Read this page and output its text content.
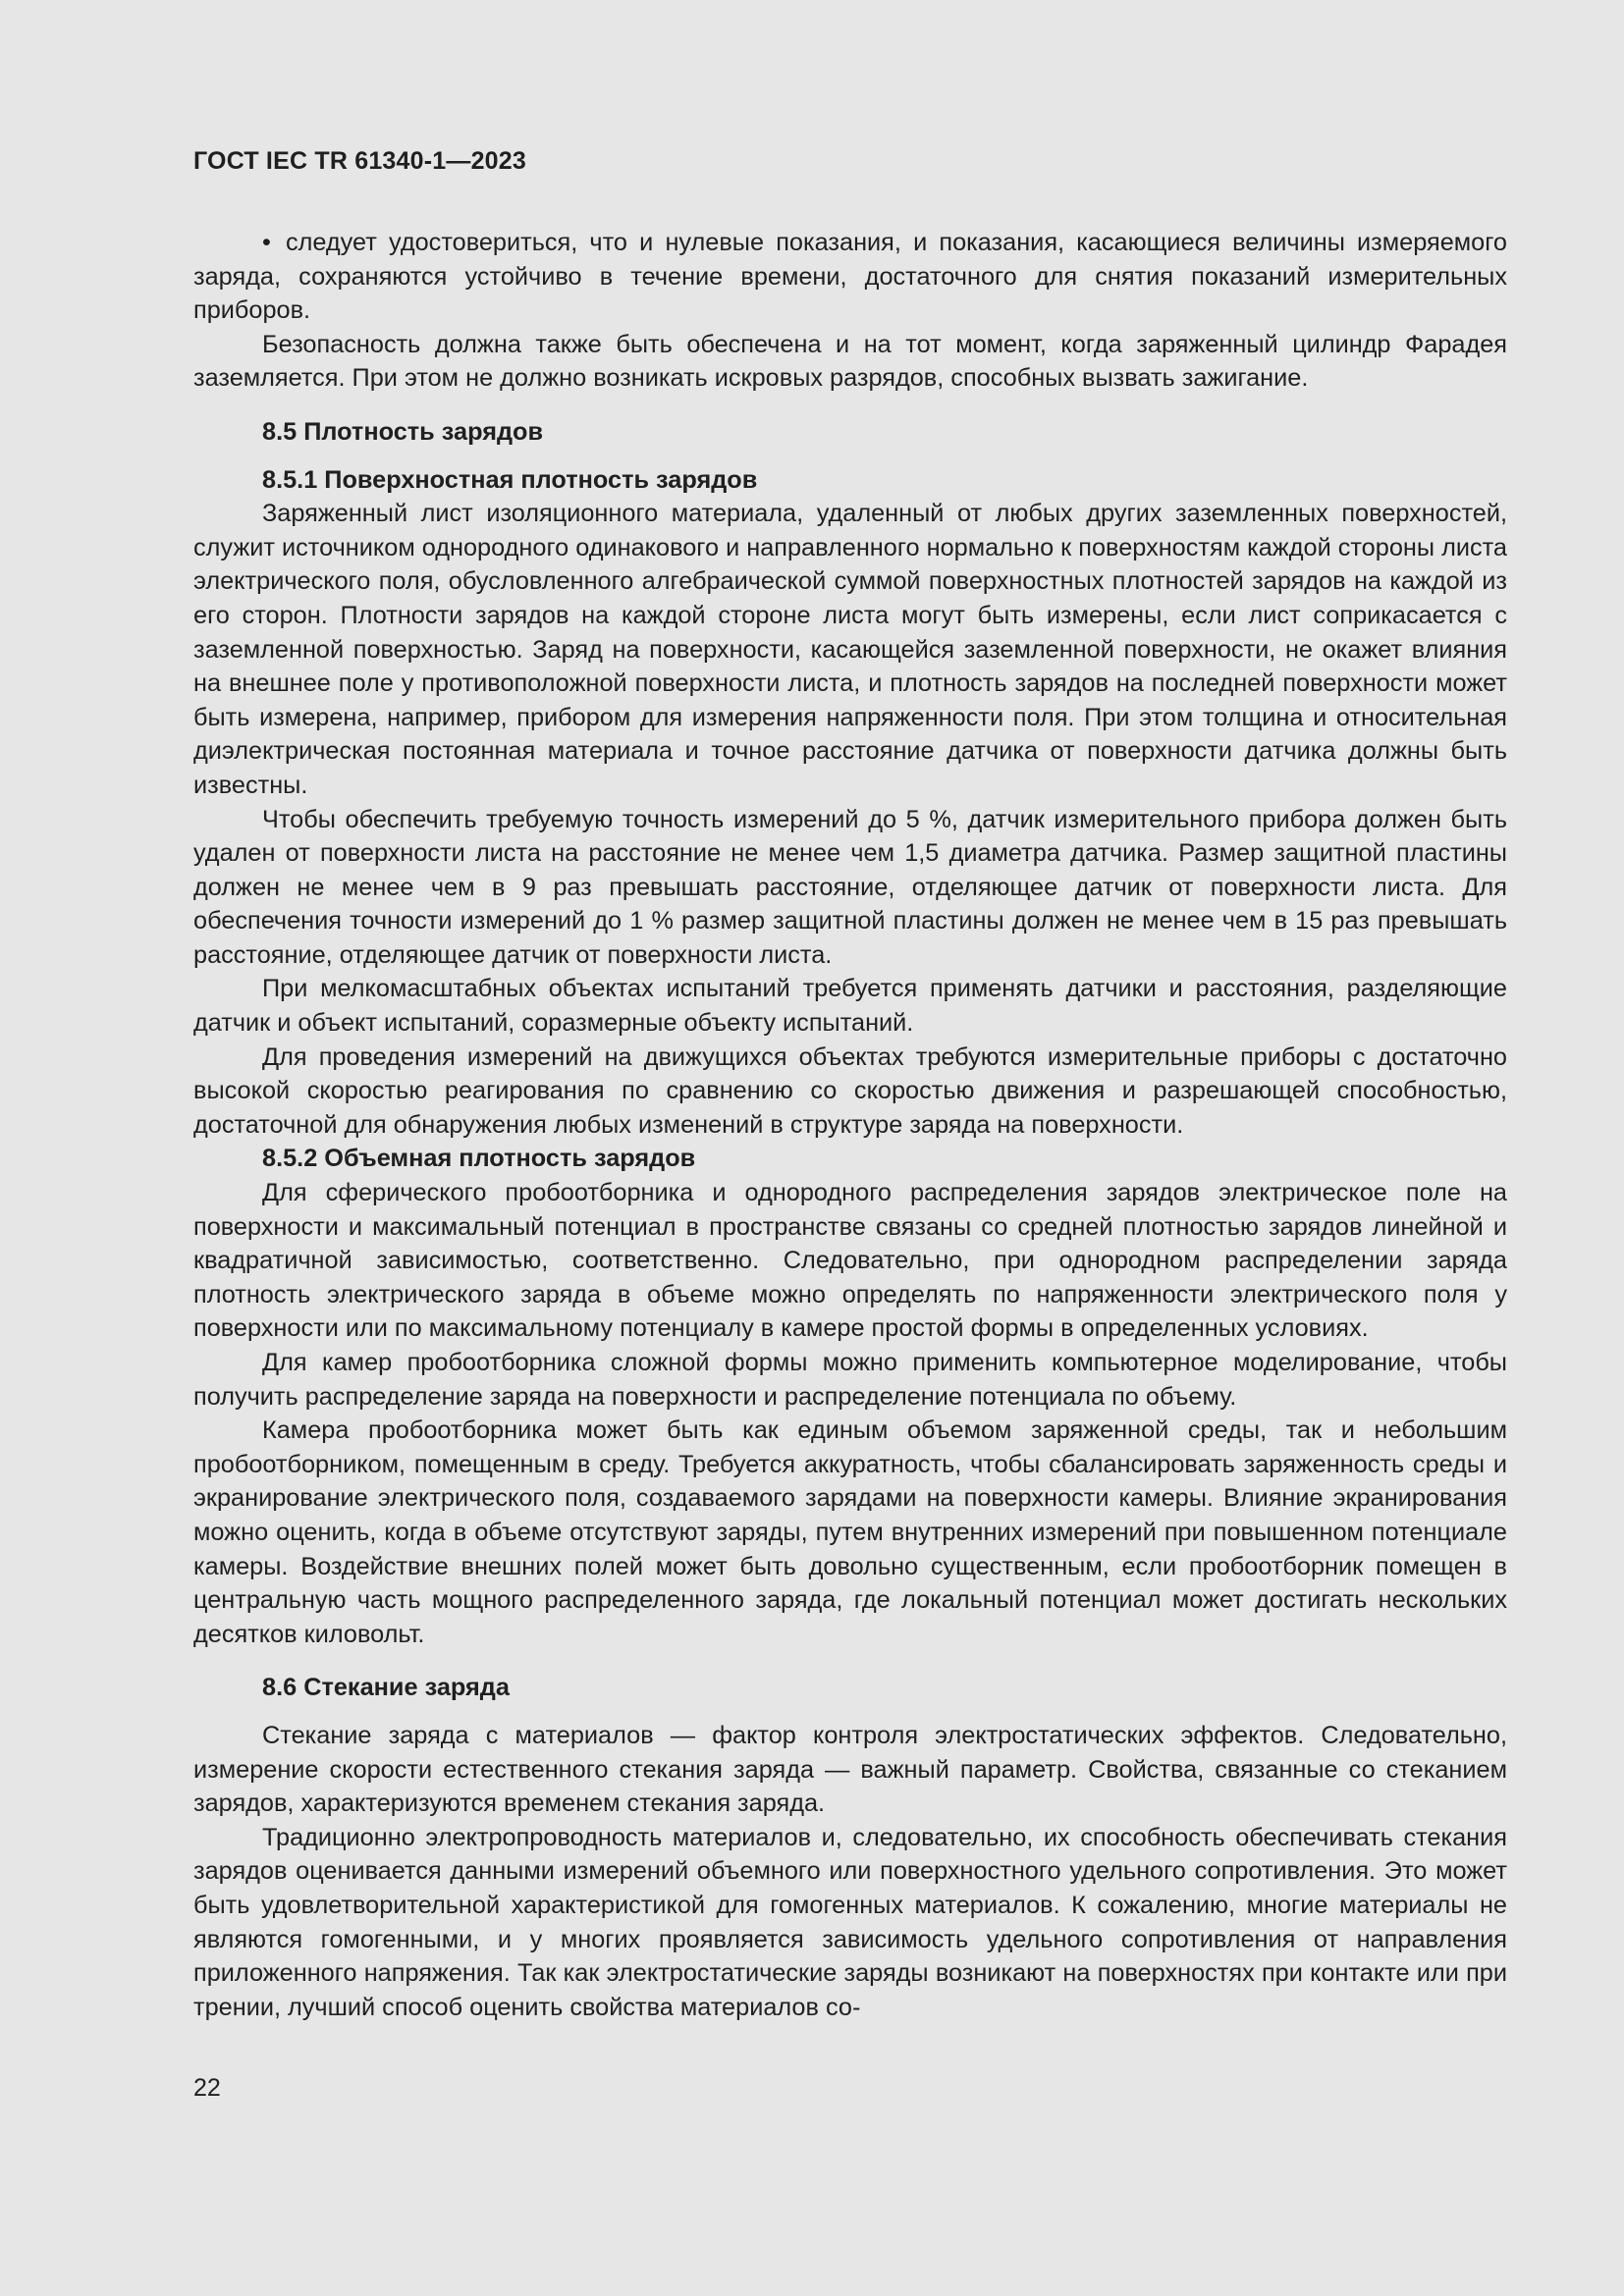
ГОСТ IEC TR 61340-1—2023

• следует удостовериться, что и нулевые показания, и показания, касающиеся величины измеряемого заряда, сохраняются устойчиво в течение времени, достаточного для снятия показаний измерительных приборов.

Безопасность должна также быть обеспечена и на тот момент, когда заряженный цилиндр Фарадея заземляется. При этом не должно возникать искровых разрядов, способных вызвать зажигание.

8.5 Плотность зарядов
8.5.1 Поверхностная плотность зарядов

Заряженный лист изоляционного материала, удаленный от любых других заземленных поверхностей, служит источником однородного одинакового и направленного нормально к поверхностям каждой стороны листа электрического поля, обусловленного алгебраической суммой поверхностных плотностей зарядов на каждой из его сторон. Плотности зарядов на каждой стороне листа могут быть измерены, если лист соприкасается с заземленной поверхностью. Заряд на поверхности, касающейся заземленной поверхности, не окажет влияния на внешнее поле у противоположной поверхности листа, и плотность зарядов на последней поверхности может быть измерена, например, прибором для измерения напряженности поля. При этом толщина и относительная диэлектрическая постоянная материала и точное расстояние датчика от поверхности датчика должны быть известны.

Чтобы обеспечить требуемую точность измерений до 5 %, датчик измерительного прибора должен быть удален от поверхности листа на расстояние не менее чем 1,5 диаметра датчика. Размер защитной пластины должен не менее чем в 9 раз превышать расстояние, отделяющее датчик от поверхности листа. Для обеспечения точности измерений до 1 % размер защитной пластины должен не менее чем в 15 раз превышать расстояние, отделяющее датчик от поверхности листа.

При мелкомасштабных объектах испытаний требуется применять датчики и расстояния, разделяющие датчик и объект испытаний, соразмерные объекту испытаний.

Для проведения измерений на движущихся объектах требуются измерительные приборы с достаточно высокой скоростью реагирования по сравнению со скоростью движения и разрешающей способностью, достаточной для обнаружения любых изменений в структуре заряда на поверхности.

8.5.2 Объемная плотность зарядов

Для сферического пробоотборника и однородного распределения зарядов электрическое поле на поверхности и максимальный потенциал в пространстве связаны со средней плотностью зарядов линейной и квадратичной зависимостью, соответственно. Следовательно, при однородном распределении заряда плотность электрического заряда в объеме можно определять по напряженности электрического поля у поверхности или по максимальному потенциалу в камере простой формы в определенных условиях.

Для камер пробоотборника сложной формы можно применить компьютерное моделирование, чтобы получить распределение заряда на поверхности и распределение потенциала по объему.

Камера пробоотборника может быть как единым объемом заряженной среды, так и небольшим пробоотборником, помещенным в среду. Требуется аккуратность, чтобы сбалансировать заряженность среды и экранирование электрического поля, создаваемого зарядами на поверхности камеры. Влияние экранирования можно оценить, когда в объеме отсутствуют заряды, путем внутренних измерений при повышенном потенциале камеры. Воздействие внешних полей может быть довольно существенным, если пробоотборник помещен в центральную часть мощного распределенного заряда, где локальный потенциал может достигать нескольких десятков киловольт.

8.6 Стекание заряда

Стекание заряда с материалов — фактор контроля электростатических эффектов. Следовательно, измерение скорости естественного стекания заряда — важный параметр. Свойства, связанные со стеканием зарядов, характеризуются временем стекания заряда.

Традиционно электропроводность материалов и, следовательно, их способность обеспечивать стекания зарядов оценивается данными измерений объемного или поверхностного удельного сопротивления. Это может быть удовлетворительной характеристикой для гомогенных материалов. К сожалению, многие материалы не являются гомогенными, и у многих проявляется зависимость удельного сопротивления от направления приложенного напряжения. Так как электростатические заряды возникают на поверхностях при контакте или при трении, лучший способ оценить свойства материалов со-

22
